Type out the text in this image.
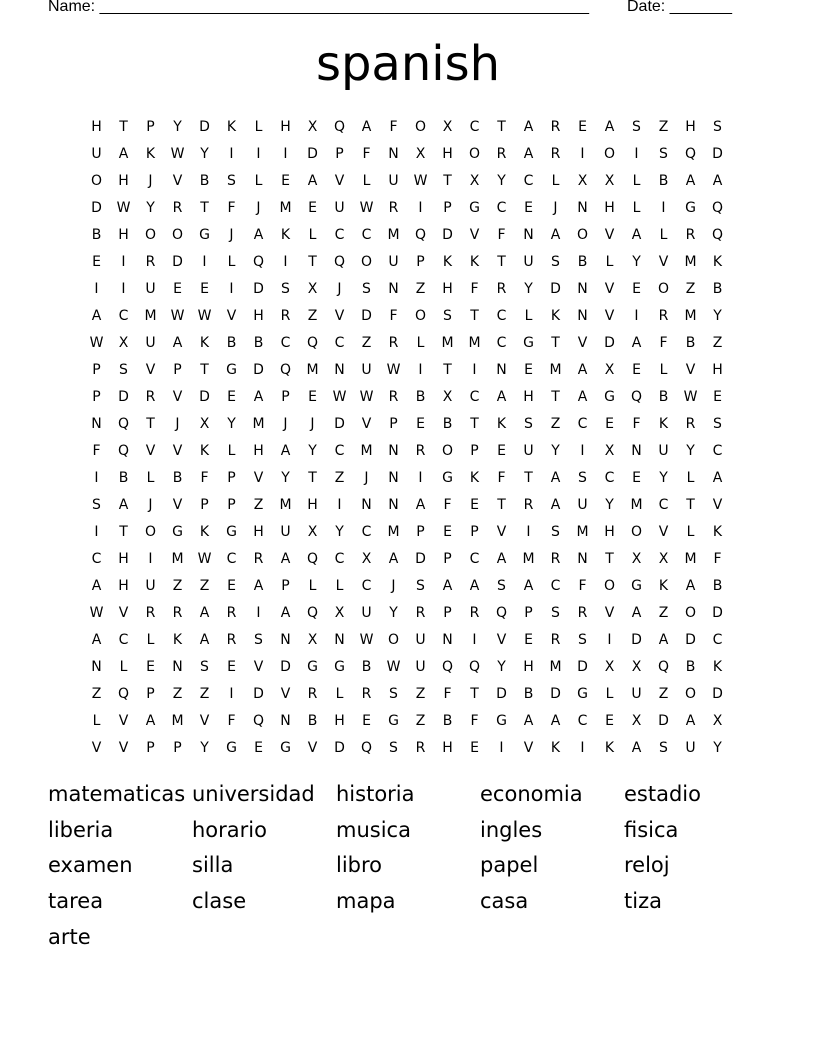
Name: _______________________________________________________ Date: _______
spanish
H	T	P	Y	D	K	L	H	X	Q	A	F	O	X	C	T	A	R	E	A	S	Z	H	S
U	A	K	W	Y	I	I	I	D	P	F	N	X	H	O	R	A	R	I	O	I	S	Q	D
O	H	J	V	B	S	L	E	A	V	L	U	W	T	X	Y	C	L	X	X	L	B	A	A
D	W	Y	R	T	F	J	M	E	U	W	R	I	P	G	C	E	J	N	H	L	I	G	Q
B	H	O	O	G	J	A	K	L	C	C	M	Q	D	V	F	N	A	O	V	A	L	R	Q
E	I	R	D	I	L	Q	I	T	Q	O	U	P	K	K	T	U	S	B	L	Y	V	M	K
I	I	U	E	E	I	D	S	X	J	S	N	Z	H	F	R	Y	D	N	V	E	O	Z	B
A	C	M	W W	V	H	R	Z	V	D	F	O	S	T	C	L	K	N	V	I	R	M	Y
W	X	U	A	K	B	B	C	Q	C	Z	R	L	M	M	C	G	T	V	D	A	F	B	Z
P	S	V	P	T	G	D	Q	M	N	U	W	I	T	I	N	E	M	A	X	E	L	V	H
P	D	R	V	D	E	A	P	E	W W	R	B	X	C	A	H	T	A	G	Q	B	W	E
N	Q	T	J	X	Y	M	J	J	D	V	P	E	B	T	K	S	Z	C	E	F	K	R	S
F	Q	V	V	K	L	H	A	Y	C	M	N	R	O	P	E	U	Y	I	X	N	U	Y	C
I	B	L	B	F	P	V	Y	T	Z	J	N	I	G	K	F	T	A	S	C	E	Y	L	A
S	A	J	V	P	P	Z	M	H	I	N	N	A	F	E	T	R	A	U	Y	M	C	T	V
I	T	O	G	K	G	H	U	X	Y	C	M	P	E	P	V	I	S	M	H	O	V	L	K
C	H	I	M	W	C	R	A	Q	C	X	A	D	P	C	A	M	R	N	T	X	X	M	F
A	H	U	Z	Z	E	A	P	L	L	C	J	S	A	A	S	A	C	F	O	G	K	A	B
W	V	R	R	A	R	I	A	Q	X	U	Y	R	P	R	Q	P	S	R	V	A	Z	O	D
A	C	L	K	A	R	S	N	X	N	W	O	U	N	I	V	E	R	S	I	D	A	D	C
N	L	E	N	S	E	V	D	G	G	B	W	U	Q	Q	Y	H	M	D	X	X	Q	B	K
Z	Q	P	Z	Z	I	D	V	R	L	R	S	Z	F	T	D	B	D	G	L	U	Z	O	D
L	V	A	M	V	F	Q	N	B	H	E	G	Z	B	F	G	A	A	C	E	X	D	A	X
V	V	P	P	Y	G	E	G	V	D	Q	S	R	H	E	I	V	K	I	K	A	S	U	Y
matematicas universidad	historia	economia	estadio
liberia	horario	musica	ingles	fisica
examen	silla	libro	papel	reloj
tarea	clase	mapa	casa	tiza
arte
